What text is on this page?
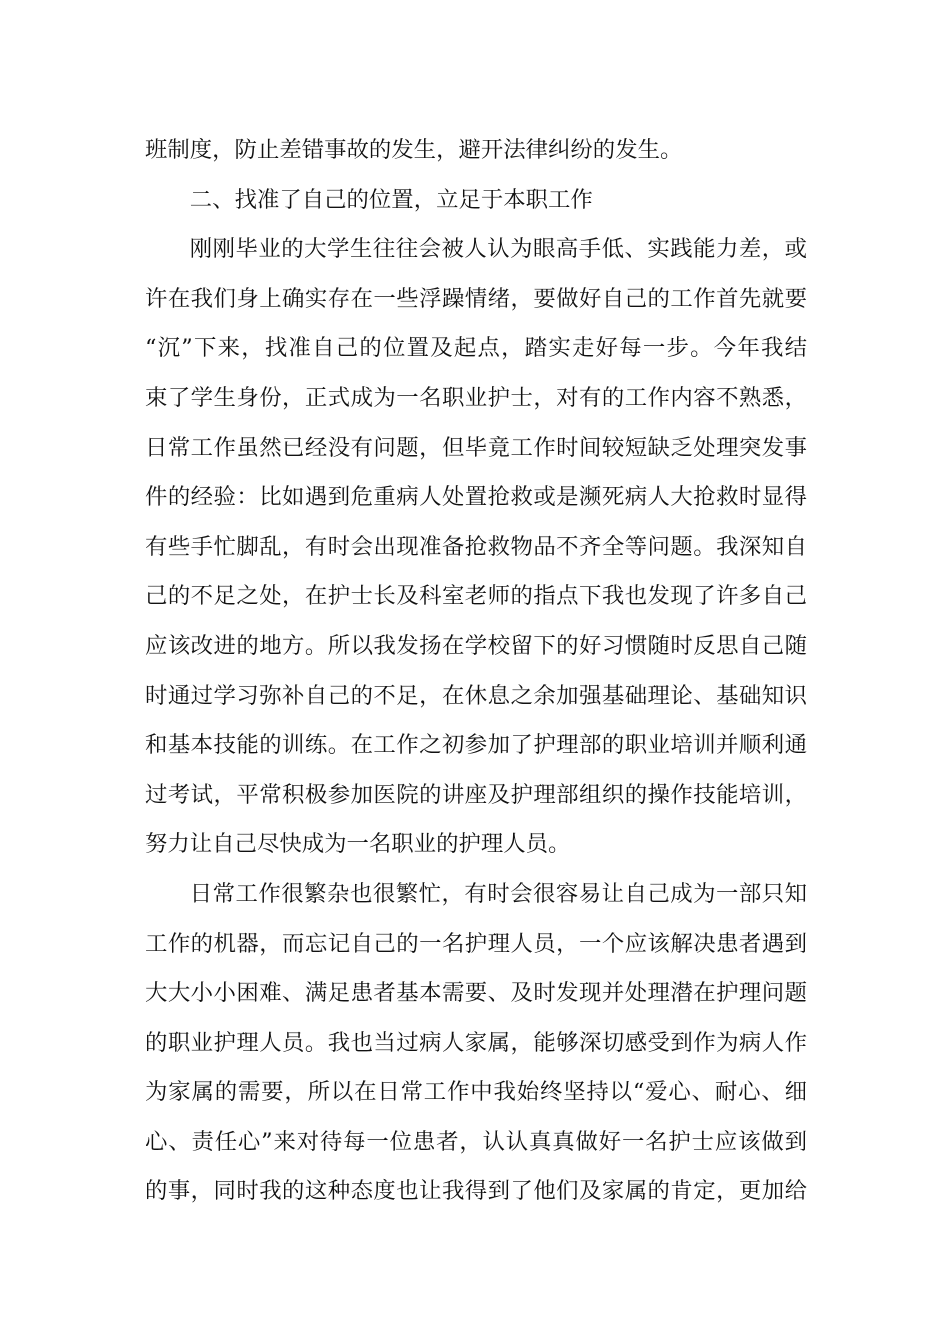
班制度，防止差错事故的发生，避开法律纠纷的发生。
二、找准了自己的位置，立足于本职工作
刚刚毕业的大学生往往会被人认为眼高手低、实践能力差，或
许在我们身上确实存在一些浮躁情绪，要做好自己的工作首先就要
“沉”下来，找准自己的位置及起点，踏实走好每一步。今年我结
束了学生身份，正式成为一名职业护士，对有的工作内容不熟悉，
日常工作虽然已经没有问题，但毕竟工作时间较短缺乏处理突发事
件的经验：比如遇到危重病人处置抢救或是濒死病人大抢救时显得
有些手忙脚乱，有时会出现准备抢救物品不齐全等问题。我深知自
己的不足之处，在护士长及科室老师的指点下我也发现了许多自己
应该改进的地方。所以我发扬在学校留下的好习惯随时反思自己随
时通过学习弥补自己的不足，在休息之余加强基础理论、基础知识
和基本技能的训练。在工作之初参加了护理部的职业培训并顺利通
过考试，平常积极参加医院的讲座及护理部组织的操作技能培训，
努力让自己尽快成为一名职业的护理人员。
日常工作很繁杂也很繁忙，有时会很容易让自己成为一部只知
工作的机器，而忘记自己的一名护理人员，一个应该解决患者遇到
大大小小困难、满足患者基本需要、及时发现并处理潜在护理问题
的职业护理人员。我也当过病人家属，能够深切感受到作为病人作
为家属的需要，所以在日常工作中我始终坚持以“爱心、耐心、细
心、责任心”来对待每一位患者，认认真真做好一名护士应该做到
的事，同时我的这种态度也让我得到了他们及家属的肯定，更加给
